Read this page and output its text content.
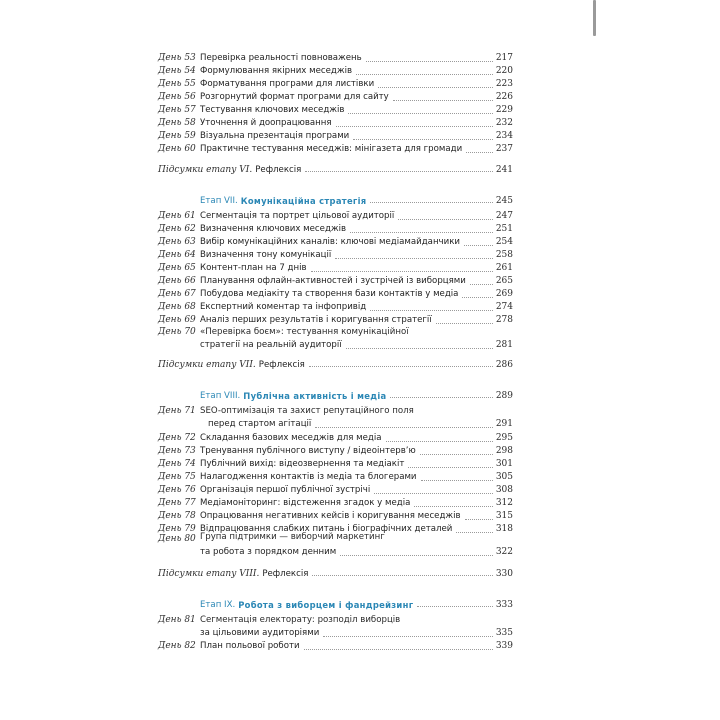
День 53 Перевірка реальності повноважень	217
День 54 Формулювання якірних меседжів	220
День 55 Форматування програми для листівки	223
День 56 Розгорнутий формат програми для сайту	226
День 57 Тестування ключових меседжів	229
День 58 Уточнення й доопрацювання	232
День 59 Візуальна презентація програми	234
День 60 Практичне тестування меседжів: мінігазета для громади	237
Підсумки етапу VI. Рефлексія	241
Етап VII. Комунікаційна стратегія	245
День 61 Сегментація та портрет цільової аудиторії	247
День 62 Визначення ключових меседжів	251
День 63 Вибір комунікаційних каналів: ключові медіамайданчики	254
День 64 Визначення тону комунікації	258
День 65 Контент-план на 7 днів	261
День 66 Планування офлайн-активностей і зустрічей із виборцями	265
День 67 Побудова медіакіту та створення бази контактів у медіа	269
День 68 Експертний коментар та інфопривід	274
День 69 Аналіз перших результатів і коригування стратегії	278
День 70 «Перевірка боєм»: тестування комунікаційної
стратегії на реальній аудиторії	281
Підсумки етапу VII. Рефлексія	286
Етап VIII. Публічна активність і медіа	289
День 71 SEO-оптимізація та захист репутаційного поля
перед стартом агітації	291
День 72 Складання базових меседжів для медіа	295
День 73 Тренування публічного виступу / відеоінтерв’ю	298
День 74 Публічний вихід: відеозвернення та медіакіт	301
День 75 Налагодження контактів із медіа та блогерами	305
День 76 Організація першої публічної зустрічі	308
День 77 Медіамоніторинг: відстеження згадок у медіа	312
День 78 Опрацювання негативних кейсів і коригування меседжів	315
День 79 Відпрацювання слабких питань і біографічних деталей	318
День 80 Група підтримки — виборчий маркетинг
та робота з порядком денним	322
Підсумки етапу VIII. Рефлексія	330
Етап IX. Робота з виборцем і фандрейзинг	333
День 81 Сегментація електорату: розподіл виборців
за цільовими аудиторіями	335
День 82 План польової роботи	339
